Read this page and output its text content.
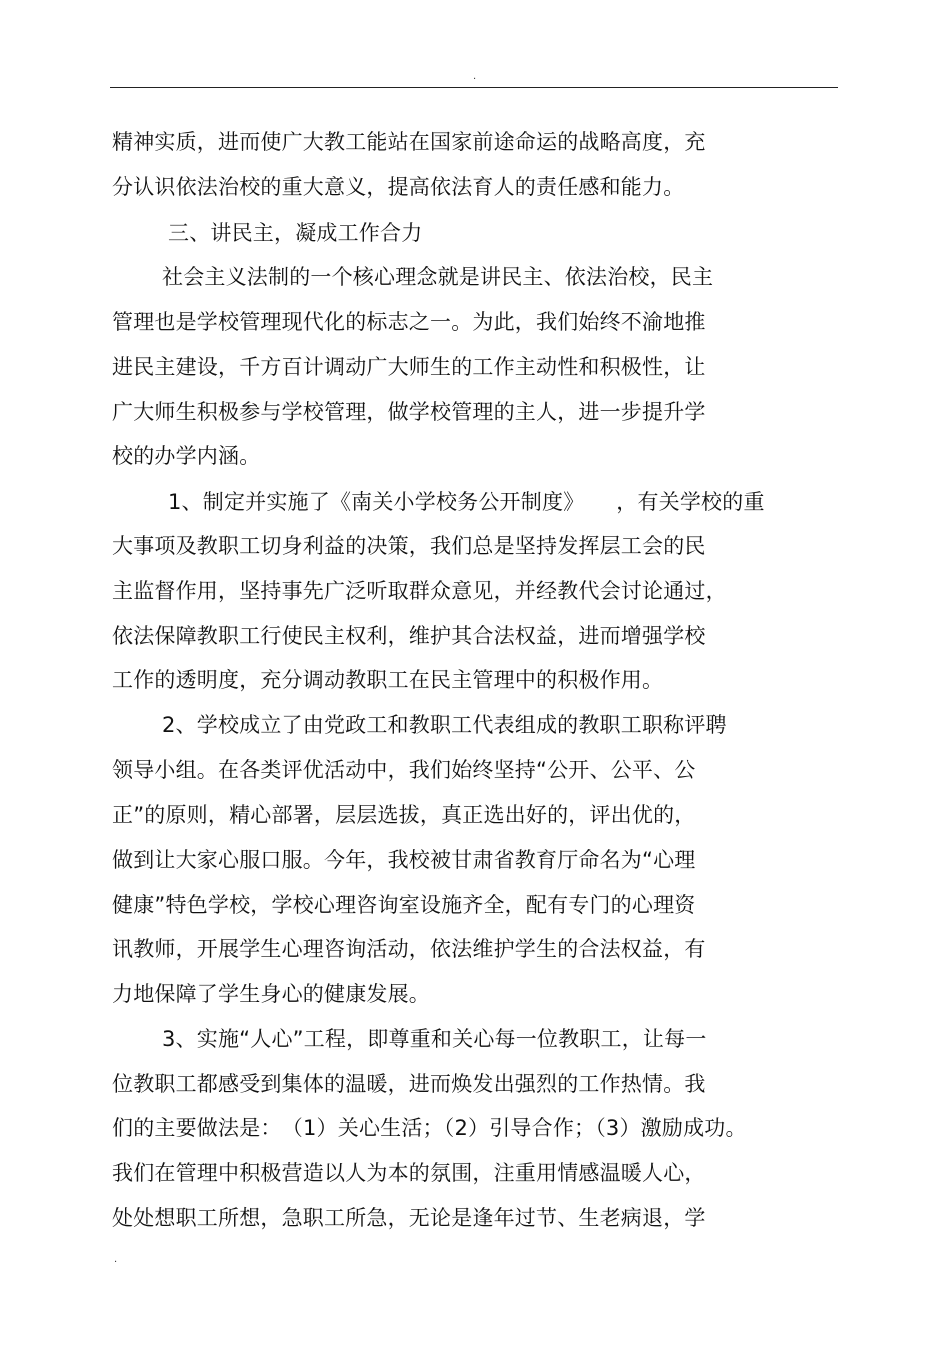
.
精神实质，进而使广大教工能站在国家前途命运的战略高度，充
分认识依法治校的重大意义，提高依法育人的责任感和能力。
三、讲民主，凝成工作合力
社会主义法制的一个核心理念就是讲民主、依法治校，民主
管理也是学校管理现代化的标志之一。为此，我们始终不渝地推
进民主建设，千方百计调动广大师生的工作主动性和积极性，让
广大师生积极参与学校管理，做学校管理的主人，进一步提升学
校的办学内涵。
1、制定并实施了《南关小学校务公开制度》　　，有关学校的重
大事项及教职工切身利益的决策，我们总是坚持发挥层工会的民
主监督作用，坚持事先广泛听取群众意见，并经教代会讨论通过，
依法保障教职工行使民主权利，维护其合法权益，进而增强学校
工作的透明度，充分调动教职工在民主管理中的积极作用。
2、学校成立了由党政工和教职工代表组成的教职工职称评聘
领导小组。在各类评优活动中，我们始终坚持“公开、公平、公
正”的原则，精心部署，层层选拔，真正选出好的，评出优的，
做到让大家心服口服。今年，我校被甘肃省教育厅命名为“心理
健康”特色学校，学校心理咨询室设施齐全，配有专门的心理资
讯教师，开展学生心理咨询活动，依法维护学生的合法权益，有
力地保障了学生身心的健康发展。
3、实施“人心”工程，即尊重和关心每一位教职工，让每一
位教职工都感受到集体的温暖，进而焕发出强烈的工作热情。我
们的主要做法是：　（1）关心生活；（2）引导合作；（3）激励成功。
我们在管理中积极营造以人为本的氛围，注重用情感温暖人心，
处处想职工所想，急职工所急，无论是逢年过节、生老病退，学
.
